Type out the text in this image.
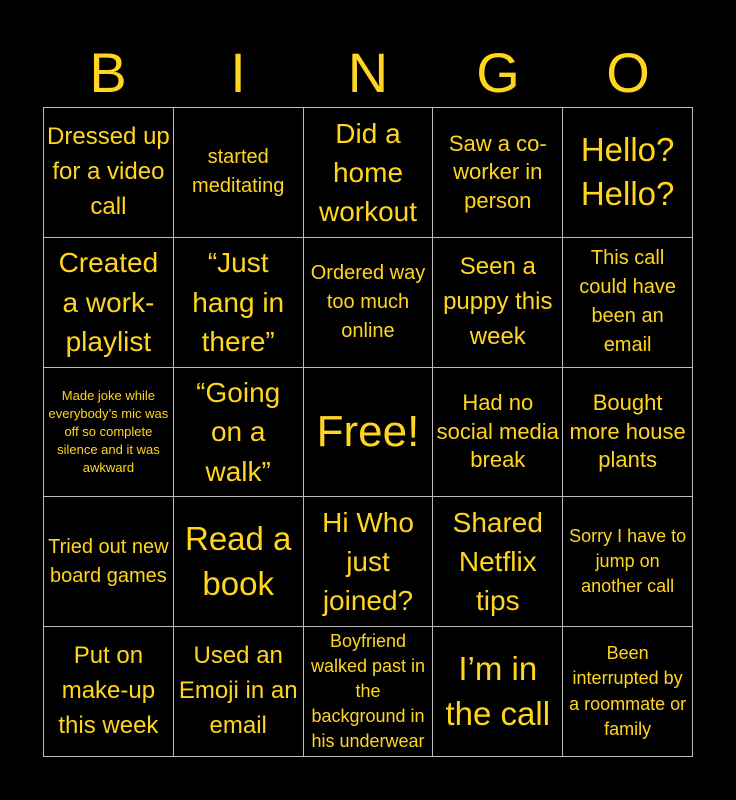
B	I	N	G	O
Dressed up for a video call
started meditating
Did a home workout
Saw a co-worker in person
Hello? Hello?
Created a work-playlist
“Just hang in there”
Ordered way too much online
Seen a puppy this week
This call could have been an email
Made joke while everybody’s mic was off so complete silence and it was awkward
“Going on a walk”
Free!
Had no social media break
Bought more house plants
Tried out new board games
Read a book
Hi Who just joined?
Shared Netflix tips
Sorry I have to jump on another call
Put on make-up this week
Used an Emoji in an email
Boyfriend walked past in the background in his underwear
I’m in the call
Been interrupted by a roommate or family
